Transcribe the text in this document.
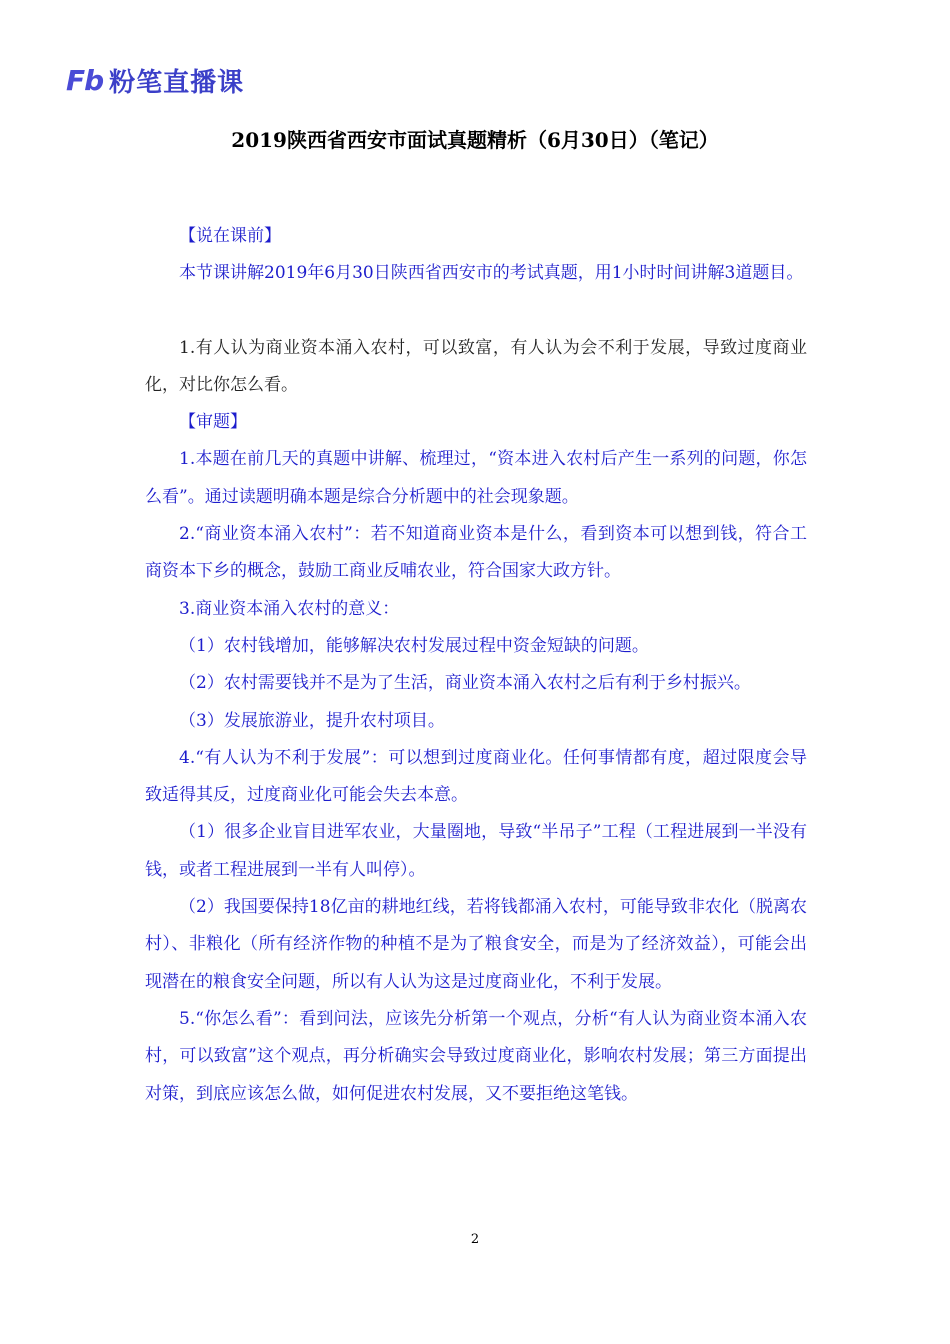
Fb 粉笔直播课
2019陕西省西安市面试真题精析（6月30日）（笔记）

【说在课前】

本节课讲解2019年6月30日陕西省西安市的考试真题，用1小时时间讲解3道题目。

1.有人认为商业资本涌入农村，可以致富，有人认为会不利于发展，导致过度商业化，对比你怎么看。

【审题】

1.本题在前几天的真题中讲解、梳理过，“资本进入农村后产生一系列的问题，你怎么看”。通过读题明确本题是综合分析题中的社会现象题。

2.“商业资本涌入农村”：若不知道商业资本是什么，看到资本可以想到钱，符合工商资本下乡的概念，鼓励工商业反哺农业，符合国家大政方针。

3.商业资本涌入农村的意义：

（1）农村钱增加，能够解决农村发展过程中资金短缺的问题。

（2）农村需要钱并不是为了生活，商业资本涌入农村之后有利于乡村振兴。

（3）发展旅游业，提升农村项目。

4.“有人认为不利于发展”：可以想到过度商业化。任何事情都有度，超过限度会导致适得其反，过度商业化可能会失去本意。

（1）很多企业盲目进军农业，大量圈地，导致“半吊子”工程（工程进展到一半没有钱，或者工程进展到一半有人叫停）。

（2）我国要保持18亿亩的耕地红线，若将钱都涌入农村，可能导致非农化（脱离农村）、非粮化（所有经济作物的种植不是为了粮食安全，而是为了经济效益），可能会出现潜在的粮食安全问题，所以有人认为这是过度商业化，不利于发展。

5.“你怎么看”：看到问法，应该先分析第一个观点，分析“有人认为商业资本涌入农村，可以致富”这个观点，再分析确实会导致过度商业化，影响农村发展；第三方面提出对策，到底应该怎么做，如何促进农村发展，又不要拒绝这笔钱。

2
